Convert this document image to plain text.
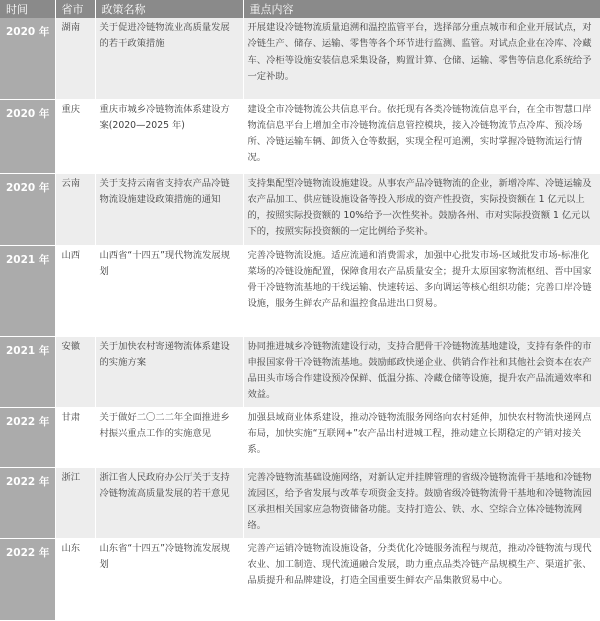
时间	省市	政策名称	重点内容
2020 年	湖南	关于促进冷链物流业高质量发展的若干政策措施	开展建设冷链物流质量追溯和温控监管平台，选择部分重点城市和企业开展试点，对冷链生产、储存、运输、零售等各个环节进行监测、监管。对试点企业在冷库、冷藏车、冷柜等设施安装信息采集设备，购置计算、仓储、运输、零售等信息化系统给予一定补助。
2020 年	重庆	重庆市城乡冷链物流体系建设方案(2020—2025 年)	建设全市冷链物流公共信息平台。依托现有各类冷链物流信息平台，在全市智慧口岸物流信息平台上增加全市冷链物流信息管控模块，接入冷链物流节点冷库、预冷场所、冷链运输车辆、卸货入仓等数据，实现全程可追溯，实时掌握冷链物流运行情况。
2020 年	云南	关于支持云南省支持农产品冷链物流设施建设政策措施的通知	支持集配型冷链物流设施建设。从事农产品冷链物流的企业，新增冷库、冷链运输及农产品加工、供应链设施设备等投入形成的资产性投资，实际投资额在 1 亿元以上的，按照实际投资额的 10%给予一次性奖补。鼓励各州、市对实际投资额 1 亿元以下的，按照实际投资额的一定比例给予奖补。
2021 年	山西	山西省“十四五”现代物流发展规划	完善冷链物流设施。适应流通和消费需求，加强中心批发市场-区域批发市场-标准化菜场的冷链设施配置，保障食用农产品质量安全；提升太原国家物流枢纽、晋中国家骨干冷链物流基地的干线运输、快速转运、多向调运等核心组织功能；完善口岸冷链设施，服务生鲜农产品和温控食品进出口贸易。
2021 年	安徽	关于加快农村寄递物流体系建设的实施方案	协同推进城乡冷链物流建设行动，支持合肥骨干冷链物流基地建设，支持有条件的市申报国家骨干冷链物流基地。鼓励邮政快递企业、供销合作社和其他社会资本在农产品田头市场合作建设预冷保鲜、低温分拣、冷藏仓储等设施，提升农产品流通效率和效益。
2022 年	甘肃	关于做好二〇二二年全面推进乡村振兴重点工作的实施意见	加强县域商业体系建设，推动冷链物流服务网络向农村延伸，加快农村物流快递网点布局，加快实施“互联网+”农产品出村进城工程，推动建立长期稳定的产销对接关系。
2022 年	浙江	浙江省人民政府办公厅关于支持冷链物流高质量发展的若干意见	完善冷链物流基础设施网络，对新认定并挂牌管理的省级冷链物流骨干基地和冷链物流园区，给予省发展与改革专项资金支持。鼓励省级冷链物流骨干基地和冷链物流园区承担相关国家应急物资储备功能。支持打造公、铁、水、空综合立体冷链物流网络。
2022 年	山东	山东省“十四五”冷链物流发展规划	完善产运销冷链物流设施设备，分类优化冷链服务流程与规范，推动冷链物流与现代农业、加工制造、现代流通融合发展，助力重点品类冷链产品规模生产、渠道扩张、品质提升和品牌建设，打造全国重要生鲜农产品集散贸易中心。
